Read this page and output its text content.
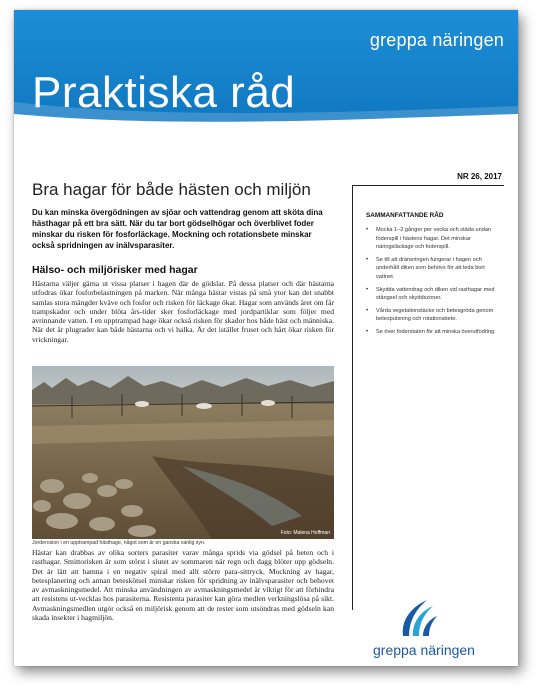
greppa näringen
Praktiska råd
NR 26, 2017
Bra hagar för både hästen och miljön
Du kan minska övergödningen av sjöar och vattendrag genom att sköta dina hästhagar på ett bra sätt. När du tar bort gödselhögar och överblivet foder minskar du risken för fosforläckage. Mockning och rotationsbete minskar också spridningen av inälvsparasiter.
Hälso- och miljörisker med hagar
Hästarna väljer gärna ut vissa platser i hagen där de gödslar. På dessa platser och där hästarna utfodras ökar fosforbelastningen på marken. När många hästar vistas på små ytor kan det snabbt samlas stora mängder kväve och fosfor och risken för läckage ökar. Hagar som används året om får trampskador och under blöta års-tider sker fosforläckage med jordpartiklar som följer med avrinnande vatten. I en upptrampad hage ökar också risken för skador hos både häst och människa. När det är plugrader kan både hästarna och vi halka. Är det istället fruset och hårt ökar risken för vrickningar.
Foto: Malena Hoffman
Jorderosion i en upptrampad hästhage, något som är en ganska vanlig syn.
Hästar kan drabbas av olika sorters parasiter varav många sprids via gödsel på beten och i rasthagar. Smittorisken är som störst i slutet av sommaren när regn och dagg blöter upp gödseln. Det är lätt att hamna i en negativ spiral med allt större para-sittryck. Mockning av hagar, betesplanering och annan beteskötsel minskar risken för spridning av inälvsparasiter och behovet av avmaskningsmedel. Att minska användningen av avmaskningsmedel är viktigt för att förhindra att resistens ut-vecklas hos parasiterna. Resistenta parasiter kan göra medlen verkningslösa på sikt. Avmaskningsmedlen utgör också en miljörisk genom att de rester som utsöndras med gödseln kan skada insekter i hagmiljön.
SAMMANFATTANDE RÅD
• Mocka 1–2 gånger per vecka och städa undan foderspill i hästens hagar. Det minskar näringsläckage och foderspill.
• Se till att dräneringen fungerar i hagen och underhåll diken som behövs för att leda bort vattnet.
• Skydda vattendrag och diken vid rasthagar med stängsel och skyddszoner.
• Vårda vegetationstäcke och betesgröda genom betesputsning och rotationsbete.
• Se över foderstaten för att minska överutfodring.
greppa näringen
